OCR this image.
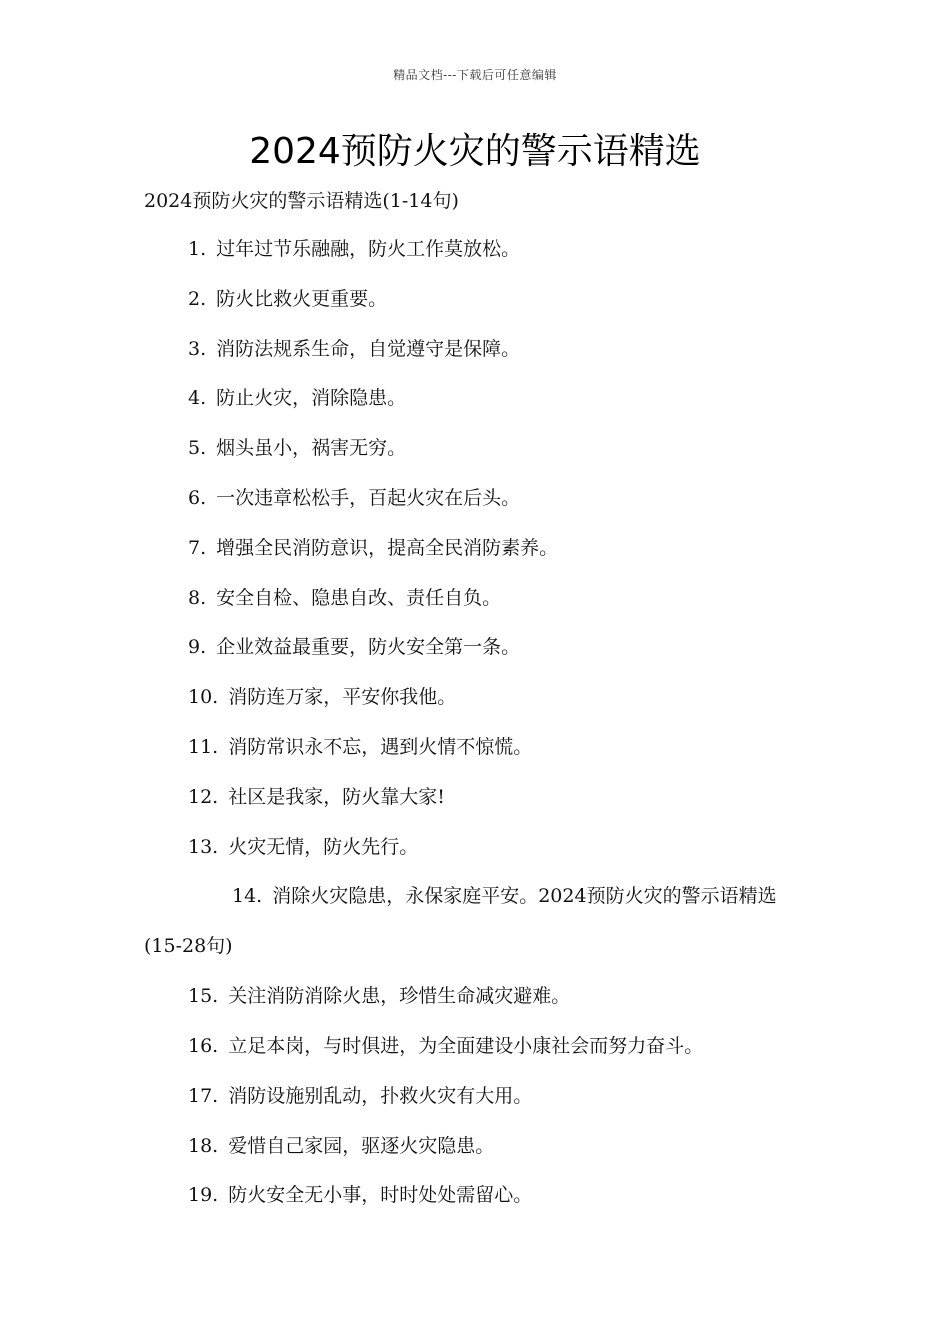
精品文档---下载后可任意编辑
2024预防火灾的警示语精选
2024预防火灾的警示语精选(1-14句)
1. 过年过节乐融融，防火工作莫放松。
2. 防火比救火更重要。
3. 消防法规系生命，自觉遵守是保障。
4. 防止火灾，消除隐患。
5. 烟头虽小，祸害无穷。
6. 一次违章松松手，百起火灾在后头。
7. 增强全民消防意识，提高全民消防素养。
8. 安全自检、隐患自改、责任自负。
9. 企业效益最重要，防火安全第一条。
10. 消防连万家，平安你我他。
11. 消防常识永不忘，遇到火情不惊慌。
12. 社区是我家，防火靠大家!
13. 火灾无情，防火先行。
14. 消除火灾隐患，永保家庭平安。2024预防火灾的警示语精选(15-28句)
15. 关注消防消除火患，珍惜生命减灾避难。
16. 立足本岗，与时俱进，为全面建设小康社会而努力奋斗。
17. 消防设施别乱动，扑救火灾有大用。
18. 爱惜自己家园，驱逐火灾隐患。
19. 防火安全无小事，时时处处需留心。
